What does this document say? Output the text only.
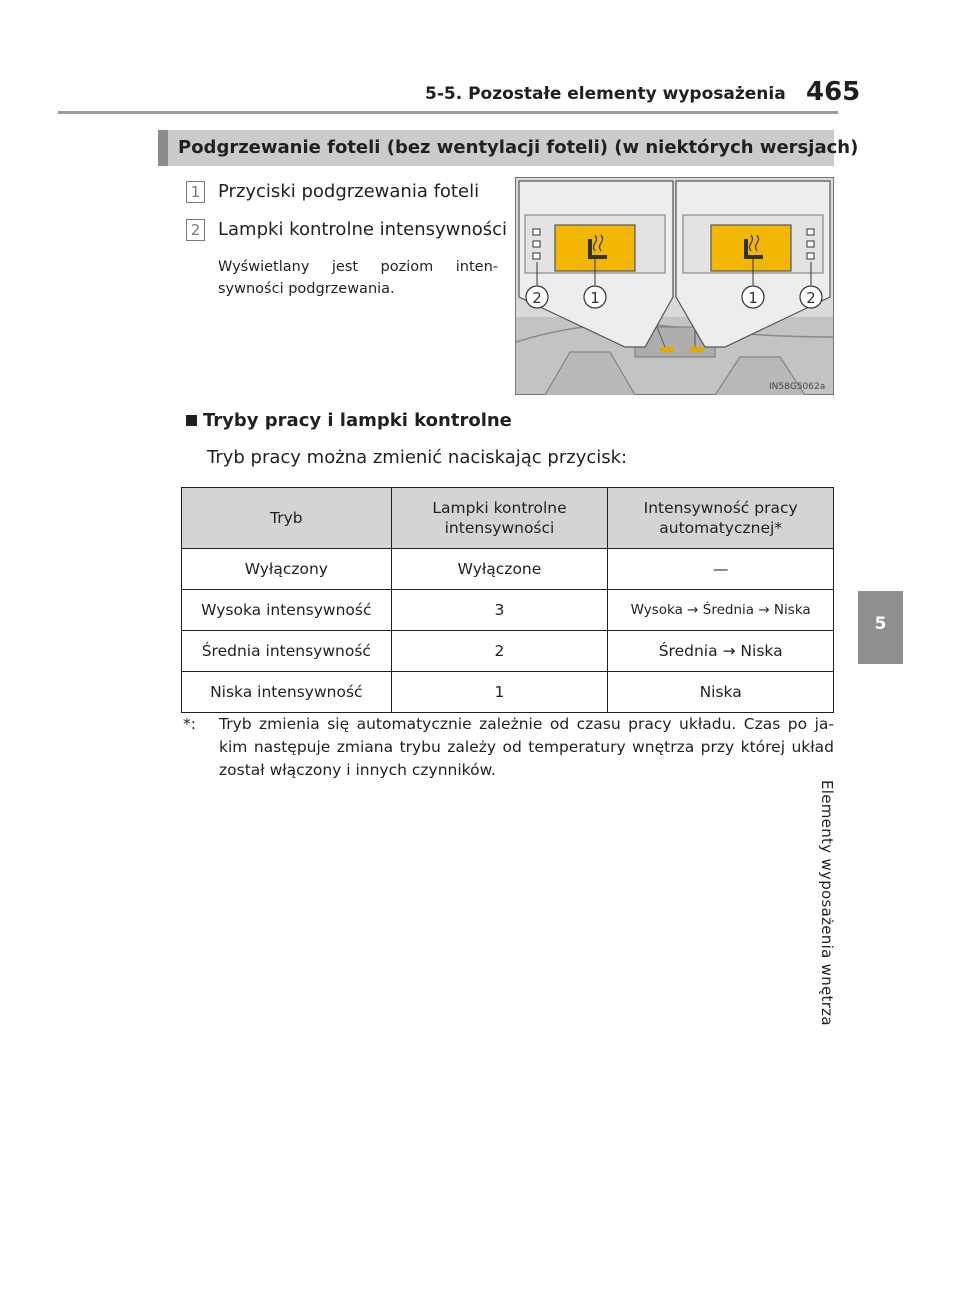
5-5. Pozostałe elementy wyposażenia 465
5
Elementy wyposażenia wnętrza
Podgrzewanie foteli (bez wentylacji foteli) (w niektórych wersjach)
1 Przyciski podgrzewania foteli
2 Lampki kontrolne intensywności
Wyświetlany jest poziom inten-sywności podgrzewania.	2	1	1	2
IN58G5062a
Tryby pracy i lampki kontrolne
Tryb pracy można zmienić naciskając przycisk:
Tryb	Lampki kontrolne intensywności	Intensywność pracy automatycznej*
Wyłączony	Wyłączone	—
Wysoka intensywność	3	Wysoka → Średnia → Niska
Średnia intensywność	2	Średnia → Niska
Niska intensywność	1	Niska
*:	Tryb zmienia się automatycznie zależnie od czasu pracy układu. Czas po ja-kim następuje zmiana trybu zależy od temperatury wnętrza przy której układ został włączony i innych czynników.
